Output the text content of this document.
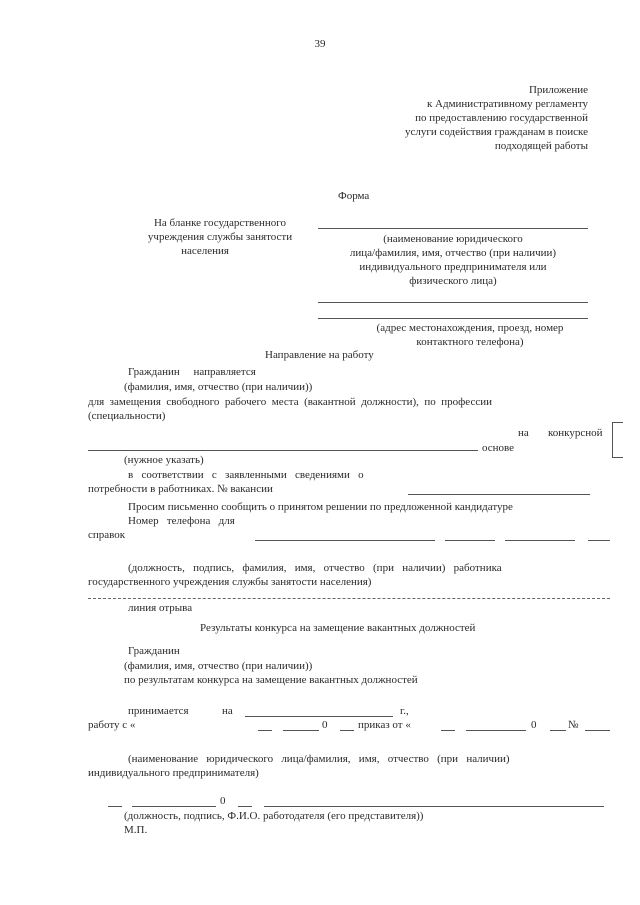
39
Приложение
к Административному регламенту
по предоставлению государственной
услуги содействия гражданам в поиске
подходящей работы
Форма
На бланке государственного
учреждения службы занятости
населения
(наименование юридического
лица/фамилия, имя, отчество (при наличии)
индивидуального предпринимателя или
физического лица)
(адрес местонахождения, проезд, номер
контактного телефона)
Направление на работу
Гражданин     направляется
(фамилия, имя, отчество (при наличии))
для  замещения  свободного  рабочего  места  (вакантной  должности),  по  профессии
(специальности)
на конкурсной
основе
(нужное указать)
в   соответствии   с   заявленными   сведениями   о
потребности в работниках. № вакансии
Просим письменно сообщить о принятом решении по предложенной кандидатуре
Номер   телефона   для
справок
(должность,   подпись,   фамилия,   имя,   отчество   (при   наличии)   работника
государственного учреждения службы занятости населения)
линия отрыва
Результаты конкурса на замещение вакантных должностей
Гражданин
(фамилия, имя, отчество (при наличии))
по результатам конкурса на замещение вакантных должностей
принимается	на	г.,
работу с «	0	приказ от «	0	№
(наименование   юридического   лица/фамилия,   имя,   отчество   (при   наличии)
индивидуального предпринимателя)
0
(должность, подпись, Ф.И.О. работодателя (его представителя))
М.П.
